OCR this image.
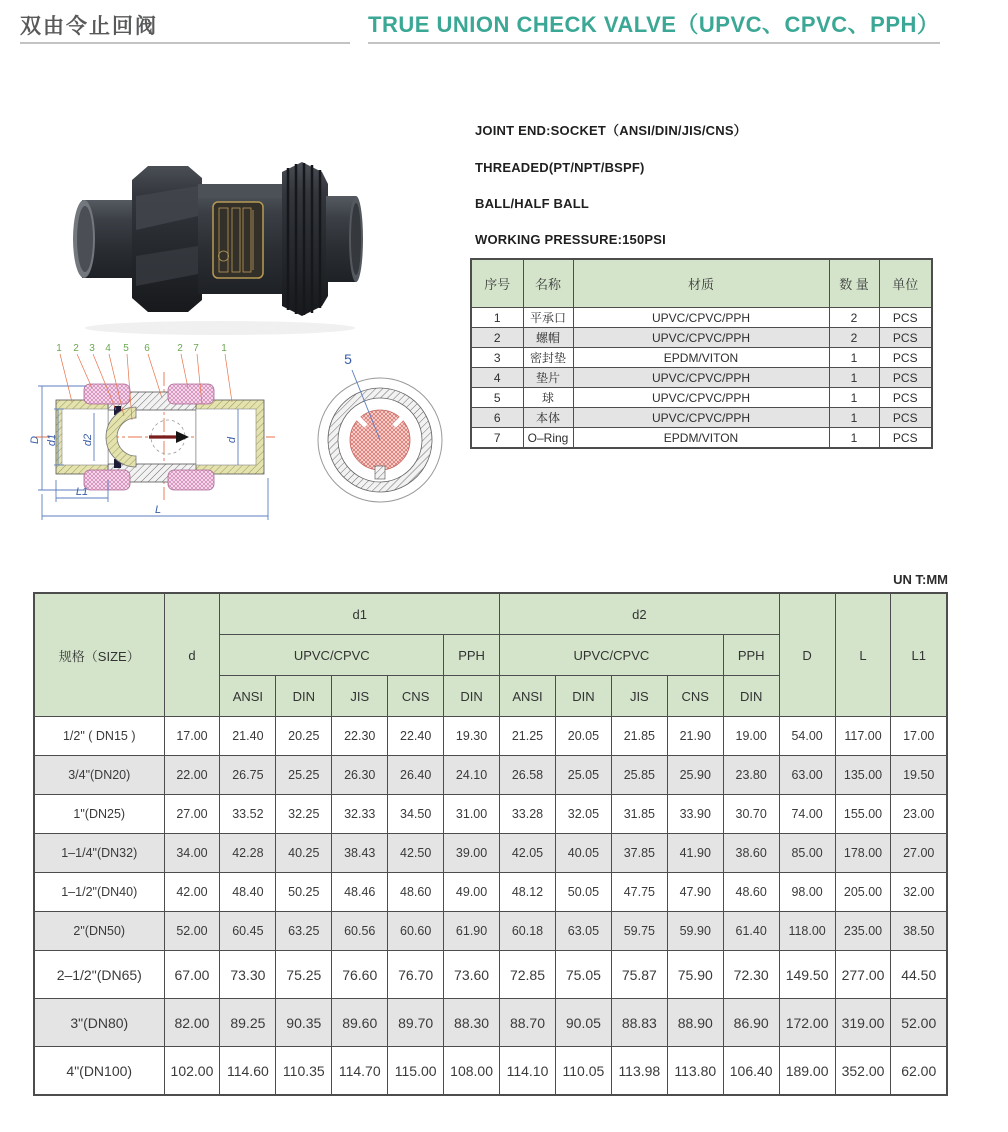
双由令止回阀	TRUE UNION CHECK VALVE（UPVC、CPVC、PPH）
JOINT END:SOCKET（ANSI/DIN/JIS/CNS）
THREADED(PT/NPT/BSPF)
BALL/HALF BALL
WORKING PRESSURE:150PSI
序号	名称	材质	数 量	单位
1	平承口	UPVC/CPVC/PPH	2	PCS
2	螺帽	UPVC/CPVC/PPH	2	PCS
3	密封垫	EPDM/VITON	1	PCS
4	垫片	UPVC/CPVC/PPH	1	PCS
5	球	UPVC/CPVC/PPH	1	PCS
6	本体	UPVC/CPVC/PPH	1	PCS
7	O–Ring	EPDM/VITON	1	PCS
D d1 d2	d
L1
L
1 2 3 4 5 6	2 7 1
5
UN T:MM
规格（SIZE）	d	d1					d2					D	L	L1
		UPVC/CPVC				PPH	UPVC/CPVC				PPH			
		ANSI	DIN	JIS	CNS	DIN	ANSI	DIN	JIS	CNS	DIN			
1/2" ( DN15 )	17.00	21.40	20.25	22.30	22.40	19.30	21.25	20.05	21.85	21.90	19.00	54.00	117.00	17.00
3/4"(DN20)	22.00	26.75	25.25	26.30	26.40	24.10	26.58	25.05	25.85	25.90	23.80	63.00	135.00	19.50
1"(DN25)	27.00	33.52	32.25	32.33	34.50	31.00	33.28	32.05	31.85	33.90	30.70	74.00	155.00	23.00
1–1/4"(DN32)	34.00	42.28	40.25	38.43	42.50	39.00	42.05	40.05	37.85	41.90	38.60	85.00	178.00	27.00
1–1/2"(DN40)	42.00	48.40	50.25	48.46	48.60	49.00	48.12	50.05	47.75	47.90	48.60	98.00	205.00	32.00
2"(DN50)	52.00	60.45	63.25	60.56	60.60	61.90	60.18	63.05	59.75	59.90	61.40	118.00	235.00	38.50
2–1/2"(DN65)	67.00	73.30	75.25	76.60	76.70	73.60	72.85	75.05	75.87	75.90	72.30	149.50	277.00	44.50
3"(DN80)	82.00	89.25	90.35	89.60	89.70	88.30	88.70	90.05	88.83	88.90	86.90	172.00	319.00	52.00
4"(DN100)	102.00	114.60	110.35	114.70	115.00	108.00	114.10	110.05	113.98	113.80	106.40	189.00	352.00	62.00
